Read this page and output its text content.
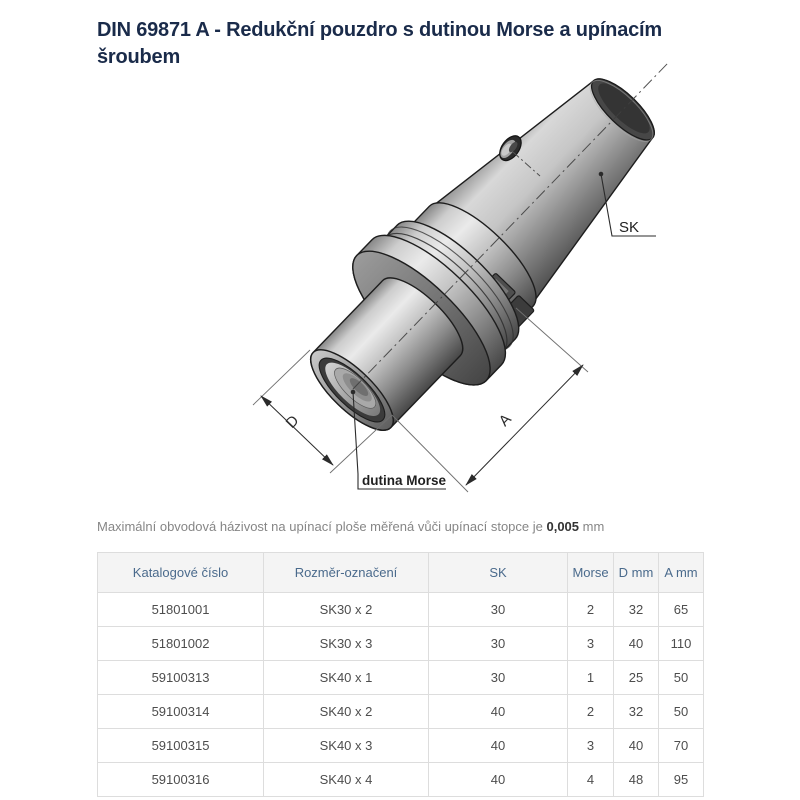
DIN 69871 A - Redukční pouzdro s dutinou Morse a upínacím šroubem
D	A
SK
dutina Morse

Maximální obvodová házivost na upínací ploše měřená vůči upínací stopce je 0,005 mm

Katalogové číslo	Rozměr-označení	SK	Morse	D mm	A mm
51801001	SK30 x 2	30	2	32	65
51801002	SK30 x 3	30	3	40	110
59100313	SK40 x 1	30	1	25	50
59100314	SK40 x 2	40	2	32	50
59100315	SK40 x 3	40	3	40	70
59100316	SK40 x 4	40	4	48	95
